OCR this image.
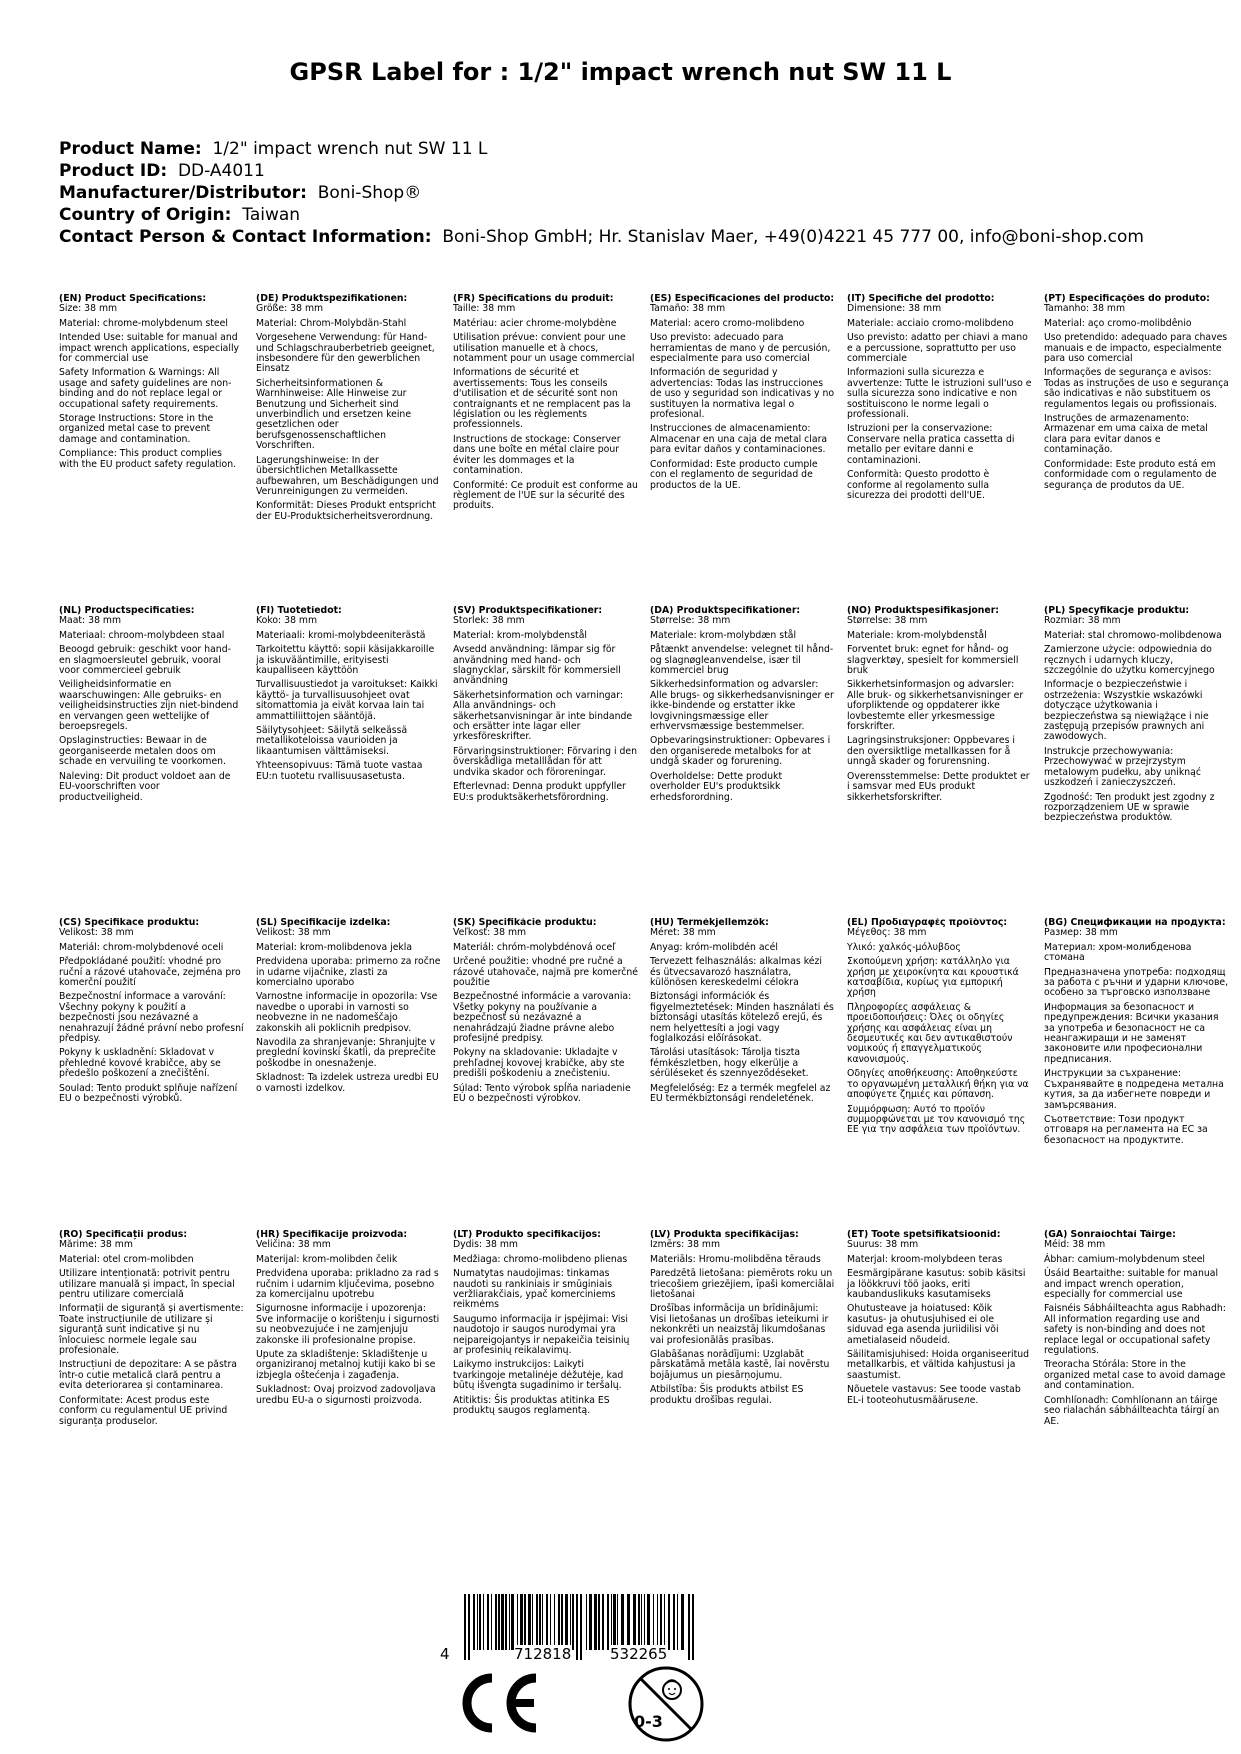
GPSR Label for : 1/2" impact wrench nut SW 11 L
Product Name: 1/2" impact wrench nut SW 11 L
Product ID: DD-A4011
Manufacturer/Distributor: Boni-Shop®
Country of Origin: Taiwan
Contact Person & Contact Information: Boni-Shop GmbH; Hr. Stanislav Maer, +49(0)4221 45 777 00, info@boni-shop.com
(EN) Product Specifications:
Size: 38 mm
Material: chrome-molybdenum steel
Intended Use: suitable for manual and impact wrench applications, especially for commercial use
Safety Information & Warnings: All usage and safety guidelines are non-binding and do not replace legal or occupational safety requirements.
Storage Instructions: Store in the organized metal case to prevent damage and contamination.
Compliance: This product complies with the EU product safety regulation.
(DE) Produktspezifikationen:
Größe: 38 mm
Material: Chrom-Molybdän-Stahl
Vorgesehene Verwendung: für Hand- und Schlagschrauberbetrieb geeignet, insbesondere für den gewerblichen Einsatz
Sicherheitsinformationen & Warnhinweise: Alle Hinweise zur Benutzung und Sicherheit sind unverbindlich und ersetzen keine gesetzlichen oder berufsgenossenschaftlichen Vorschriften.
Lagerungshinweise: In der übersichtlichen Metallkassette aufbewahren, um Beschädigungen und Verunreinigungen zu vermeiden.
Konformität: Dieses Produkt entspricht der EU-Produktsicherheitsverordnung.
(FR) Spécifications du produit:
Taille: 38 mm
Matériau: acier chrome-molybdène
Utilisation prévue: convient pour une utilisation manuelle et à chocs, notamment pour un usage commercial
Informations de sécurité et avertissements: Tous les conseils d'utilisation et de sécurité sont non contraignants et ne remplacent pas la législation ou les règlements professionnels.
Instructions de stockage: Conserver dans une boîte en métal claire pour éviter les dommages et la contamination.
Conformité: Ce produit est conforme au règlement de l'UE sur la sécurité des produits.
(ES) Especificaciones del producto:
Tamaño: 38 mm
Material: acero cromo-molibdeno
Uso previsto: adecuado para herramientas de mano y de percusión, especialmente para uso comercial
Información de seguridad y advertencias: Todas las instrucciones de uso y seguridad son indicativas y no sustituyen la normativa legal o profesional.
Instrucciones de almacenamiento: Almacenar en una caja de metal clara para evitar daños y contaminaciones.
Conformidad: Este producto cumple con el reglamento de seguridad de productos de la UE.
(IT) Specifiche del prodotto:
Dimensione: 38 mm
Materiale: acciaio cromo-molibdeno
Uso previsto: adatto per chiavi a mano e a percussione, soprattutto per uso commerciale
Informazioni sulla sicurezza e avvertenze: Tutte le istruzioni sull'uso e sulla sicurezza sono indicative e non sostituiscono le norme legali o professionali.
Istruzioni per la conservazione: Conservare nella pratica cassetta di metallo per evitare danni e contaminazioni.
Conformità: Questo prodotto è conforme al regolamento sulla sicurezza dei prodotti dell'UE.
(PT) Especificações do produto:
Tamanho: 38 mm
Material: aço cromo-molibdênio
Uso pretendido: adequado para chaves manuais e de impacto, especialmente para uso comercial
Informações de segurança e avisos: Todas as instruções de uso e segurança são indicativas e não substituem os regulamentos legais ou profissionais.
Instruções de armazenamento: Armazenar em uma caixa de metal clara para evitar danos e contaminação.
Conformidade: Este produto está em conformidade com o regulamento de segurança de produtos da UE.
(NL) Productspecificaties:
Maat: 38 mm
Materiaal: chroom-molybdeen staal
Beoogd gebruik: geschikt voor hand- en slagmoersleutel gebruik, vooral voor commercieel gebruik
Veiligheidsinformatie en waarschuwingen: Alle gebruiks- en veiligheidsinstructies zijn niet-bindend en vervangen geen wettelijke of beroepsregels.
Opslaginstructies: Bewaar in de georganiseerde metalen doos om schade en vervuiling te voorkomen.
Naleving: Dit product voldoet aan de EU-voorschriften voor productveiligheid.
(FI) Tuotetiedot:
Koko: 38 mm
Materiaali: kromi-molybdeeniterästä
Tarkoitettu käyttö: sopii käsijakkaroille ja iskuvääntimille, erityisesti kaupalliseen käyttöön
Turvallisuustiedot ja varoitukset: Kaikki käyttö- ja turvallisuusohjeet ovat sitomattomia ja eivät korvaa lain tai ammattiliittojen sääntöjä.
Säilytysohjeet: Säilytä selkeässä metallikoteloissa vaurioiden ja likaantumisen välttämiseksi.
Yhteensopivuus: Tämä tuote vastaa EU:n tuotetu rvallisuusasetusta.
(SV) Produktspecifikationer:
Storlek: 38 mm
Material: krom-molybdenstål
Avsedd användning: lämpar sig för användning med hand- och slagnycklar, särskilt för kommersiell användning
Säkerhetsinformation och varningar: Alla användnings- och säkerhetsanvisningar är inte bindande och ersätter inte lagar eller yrkesföreskrifter.
Förvaringsinstruktioner: Förvaring i den överskådliga metalllådan för att undvika skador och föroreningar.
Efterlevnad: Denna produkt uppfyller EU:s produktsäkerhetsförordning.
(DA) Produktspecifikationer:
Størrelse: 38 mm
Materiale: krom-molybdæn stål
Påtænkt anvendelse: velegnet til hånd- og slagnøgleanvendelse, især til kommerciel brug
Sikkerhedsinformation og advarsler: Alle brugs- og sikkerhedsanvisninger er ikke-bindende og erstatter ikke lovgivningsmæssige eller erhvervsmæssige bestemmelser.
Opbevaringsinstruktioner: Opbevares i den organiserede metalboks for at undgå skader og forurening.
Overholdelse: Dette produkt overholder EU's produktsikk erhedsforordning.
(NO) Produktspesifikasjoner:
Størrelse: 38 mm
Materiale: krom-molybdenstål
Forventet bruk: egnet for hånd- og slagverktøy, spesielt for kommersiell bruk
Sikkerhetsinformasjon og advarsler: Alle bruk- og sikkerhetsanvisninger er uforpliktende og oppdaterer ikke lovbestemte eller yrkesmessige forskrifter.
Lagringsinstruksjoner: Oppbevares i den oversiktlige metallkassen for å unngå skader og forurensning.
Overensstemmelse: Dette produktet er i samsvar med EUs produkt sikkerhetsforskrifter.
(PL) Specyfikacje produktu:
Rozmiar: 38 mm
Materiał: stal chromowo-molibdenowa
Zamierzone użycie: odpowiednia do ręcznych i udarnych kluczy, szczególnie do użytku komercyjnego
Informacje o bezpieczeństwie i ostrzeżenia: Wszystkie wskazówki dotyczące użytkowania i bezpieczeństwa są niewiążące i nie zastępują przepisów prawnych ani zawodowych.
Instrukcje przechowywania: Przechowywać w przejrzystym metalowym pudełku, aby uniknąć uszkodzeń i zanieczyszczeń.
Zgodność: Ten produkt jest zgodny z rozporządzeniem UE w sprawie bezpieczeństwa produktów.
(CS) Specifikace produktu:
Velikost: 38 mm
Materiál: chrom-molybdenové oceli
Předpokládané použití: vhodné pro ruční a rázové utahovače, zejména pro komerční použití
Bezpečnostní informace a varování: Všechny pokyny k použití a bezpečnosti jsou nezávazné a nenahrazují žádné právní nebo profesní předpisy.
Pokyny k uskladnění: Skladovat v přehledné kovové krabičce, aby se předešlo poškození a znečištění.
Soulad: Tento produkt splňuje nařízení EU o bezpečnosti výrobků.
(SL) Specifikacije izdelka:
Velikost: 38 mm
Material: krom-molibdenova jekla
Predvidena uporaba: primerno za ročne in udarne vijačnike, zlasti za komercialno uporabo
Varnostne informacije in opozorila: Vse navedbe o uporabi in varnosti so neobvezne in ne nadomeščajo zakonskih ali poklicnih predpisov.
Navodila za shranjevanje: Shranjujte v preglední kovinski škatli, da preprečite poškodbe in onesnaženje.
Skladnost: Ta izdelek ustreza uredbi EU o varnosti izdelkov.
(SK) Špecifikácie produktu:
Veľkosť: 38 mm
Materiál: chróm-molybdénová oceľ
Určené použitie: vhodné pre ručné a rázové utahovače, najmä pre komerčné použitie
Bezpečnostné informácie a varovania: Všetky pokyny na používanie a bezpečnosť sú nezávazné a nenahrádzajú žiadne právne alebo profesijné predpisy.
Pokyny na skladovanie: Ukladajte v prehľadnej kovovej krabičke, aby ste predišli poškodeniu a znečisteniu.
Súlad: Tento výrobok spĺňa nariadenie EÚ o bezpečnosti výrobkov.
(HU) Termékjellemzők:
Méret: 38 mm
Anyag: króm-molibdén acél
Tervezett felhasználás: alkalmas kézi és ütvecsavarozó használatra, különösen kereskedelmi célokra
Biztonsági információk és figyelmeztetések: Minden használati és biztonsági utasítás kötelező erejű, és nem helyettesíti a jogi vagy foglalkozási előírásokat.
Tárolási utasítások: Tárolja tiszta fémkészletben, hogy elkerülje a sérüléseket és szennyeződéseket.
Megfelelőség: Ez a termék megfelel az EU termékbiztonsági rendeletének.
(EL) Προδιαγραφές προϊόντος:
Μέγεθος: 38 mm
Υλικό: χαλκός-μόλυβδος
Σκοπούμενη χρήση: κατάλληλο για χρήση με χειροκίνητα και κρουστικά κατσαβίδια, κυρίως για εμπορική χρήση
Πληροφορίες ασφάλειας & προειδοποιήσεις: Όλες οι οδηγίες χρήσης και ασφάλειας είναι μη δεσμευτικές και δεν αντικαθιστούν νομικούς ή επαγγελματικούς κανονισμούς.
Οδηγίες αποθήκευσης: Αποθηκεύστε το οργανωμένη μεταλλική θήκη για να αποφύγετε ζημιές και ρύπανση.
Συμμόρφωση: Αυτό το προϊόν συμμορφώνεται με τον κανονισμό της ΕΕ για την ασφάλεια των προϊόντων.
(BG) Спецификации на продукта:
Размер: 38 mm
Материал: хром-молибденова стомана
Предназначена употреба: подходящ за работа с ръчни и ударни ключове, особено за търговско използване
Информация за безопасност и предупреждения: Всички указания за употреба и безопасност не са неангажиращи и не заменят законовите или професионални предписания.
Инструкции за съхранение: Съхранявайте в подредена метална кутия, за да избегнете повреди и замърсявания.
Съответствие: Този продукт отговаря на регламента на ЕС за безопасност на продуктите.
(RO) Specificații produs:
Mărime: 38 mm
Material: otel crom-molibden
Utilizare intenționată: potrivit pentru utilizare manuală și impact, în special pentru utilizare comercială
Informații de siguranță și avertismente: Toate instrucțiunile de utilizare și siguranță sunt indicative și nu înlocuiesc normele legale sau profesionale.
Instrucțiuni de depozitare: A se păstra într-o cutie metalică clară pentru a evita deteriorarea și contaminarea.
Conformitate: Acest produs este conform cu regulamentul UE privind siguranța produselor.
(HR) Specifikacije proizvoda:
Veličina: 38 mm
Materijal: krom-molibden čelik
Predviđena uporaba: prikladno za rad s ručnim i udarnim ključevima, posebno za komercijalnu upotrebu
Sigurnosne informacije i upozorenja: Sve informacije o korištenju i sigurnosti su neobvezujuće i ne zamjenjuju zakonske ili profesionalne propise.
Upute za skladištenje: Skladištenje u organiziranoj metalnoj kutiji kako bi se izbjegla oštećenja i zagađenja.
Sukladnost: Ovaj proizvod zadovoljava uredbu EU-a o sigurnosti proizvoda.
(LT) Produkto specifikacijos:
Dydis: 38 mm
Medžiaga: chromo-molibdeno plienas
Numatytas naudojimas: tinkamas naudoti su rankiniais ir smūginiais veržliarakčiais, ypač komerciniems reikmėms
Saugumo informacija ir įspėjimai: Visi naudotojo ir saugos nurodymai yra neįpareigojantys ir nepakeičia teisinių ar profesinių reikalavimų.
Laikymo instrukcijos: Laikyti tvarkingoje metalinėje dėžutėje, kad būtų išvengta sugadinimo ir teršalų.
Atitiktis: Šis produktas atitinka ES produktų saugos reglamentą.
(LV) Produkta specifikācijas:
Izmērs: 38 mm
Materiāls: Hromu-molibdēna tērauds
Paredzētā lietošana: piemērots roku un triecošiem griezējiem, īpaši komerciālai lietošanai
Drošības informācija un brīdinājumi: Visi lietošanas un drošības ieteikumi ir nekonkrēti un neaizstāj likumdošanas vai profesionālās prasības.
Glabāšanas norādījumi: Uzglabāt pārskatāmā metāla kastē, lai novērstu bojājumus un piesārņojumu.
Atbilstība: Šis produkts atbilst ES produktu drošības regulai.
(ET) Toote spetsifikatsioonid:
Suurus: 38 mm
Materjal: kroom-molybdeen teras
Eesmärgipärane kasutus: sobib käsitsi ja löökkruvi töö jaoks, eriti kaubanduslikuks kasutamiseks
Ohutusteave ja hoiatused: Kõik kasutus- ja ohutusjuhised ei ole siduvad ega asenda juriidilisi või ametialaseid nõudeid.
Säilitamisjuhised: Hoida organiseeritud metallkarbis, et vältida kahjustusi ja saastumist.
Nõuetele vastavus: See toode vastab EL-i tooteohutusmääruseле.
(GA) Sonraíochtaí Táirge:
Méid: 38 mm
Ábhar: camium-molybdenum steel
Úsáid Beartaithe: suitable for manual and impact wrench operation, especially for commercial use
Faisnéis Sábháilteachta agus Rabhadh: All information regarding use and safety is non-binding and does not replace legal or occupational safety regulations.
Treoracha Stórála: Store in the organized metal case to avoid damage and contamination.
Comhlíonadh: Comhlíonann an táirge seo rialachán sábháilteachta táirgí an AE.
4	712818	532265
0-3
